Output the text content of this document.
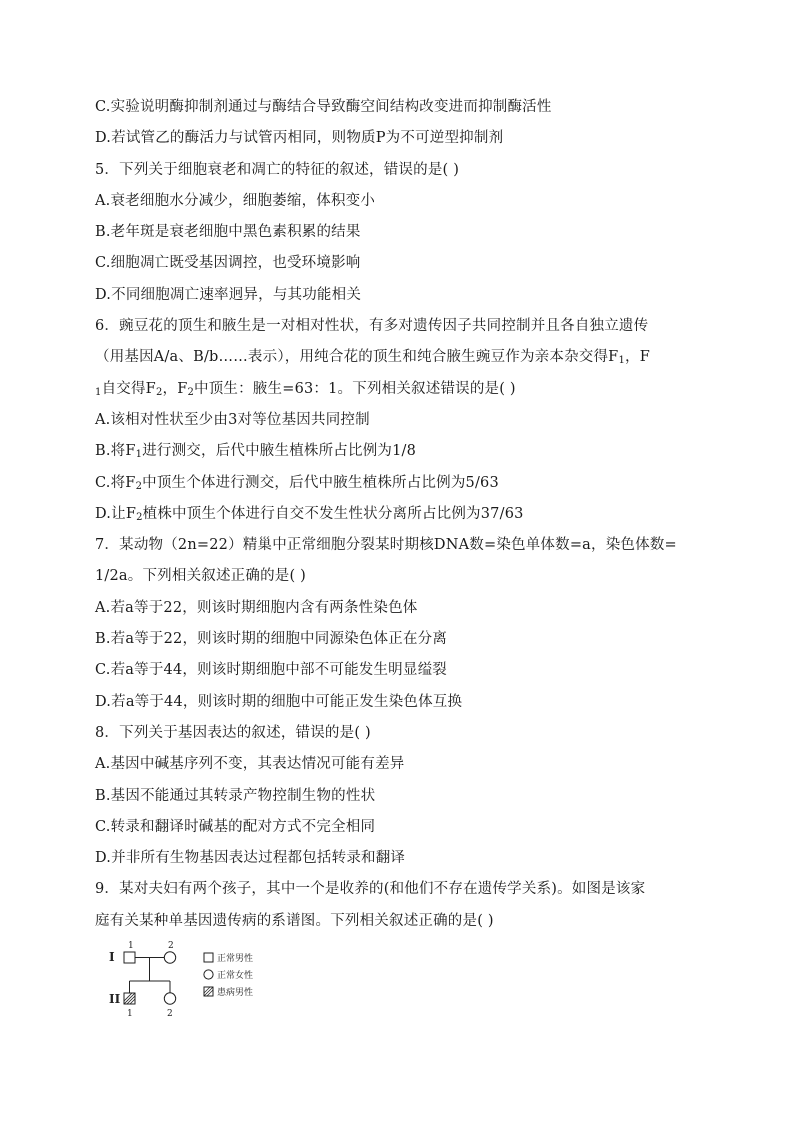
C.实验说明酶抑制剂通过与酶结合导致酶空间结构改变进而抑制酶活性
D.若试管乙的酶活力与试管丙相同，则物质P为不可逆型抑制剂
5．下列关于细胞衰老和凋亡的特征的叙述，错误的是( )
A.衰老细胞水分减少，细胞萎缩，体积变小
B.老年斑是衰老细胞中黑色素积累的结果
C.细胞凋亡既受基因调控，也受环境影响
D.不同细胞凋亡速率迥异，与其功能相关
6．豌豆花的顶生和腋生是一对相对性状，有多对遗传因子共同控制并且各自独立遗传
（用基因A/a、B/b……表示），用纯合花的顶生和纯合腋生豌豆作为亲本杂交得$F_1$，F
$_1$自交得$F_2$，$F_2$中顶生：腋生=63：1。下列相关叙述错误的是( )
A.该相对性状至少由3对等位基因共同控制
B.将$F_1$进行测交，后代中腋生植株所占比例为1/8
C.将$F_2$中顶生个体进行测交，后代中腋生植株所占比例为5/63
D.让$F_2$植株中顶生个体进行自交不发生性状分离所占比例为37/63
7．某动物（2n=22）精巢中正常细胞分裂某时期核DNA数=染色单体数=a，染色体数=
1/2a。下列相关叙述正确的是( )
A.若a等于22，则该时期细胞内含有两条性染色体
B.若a等于22，则该时期的细胞中同源染色体正在分离
C.若a等于44，则该时期细胞中部不可能发生明显缢裂
D.若a等于44，则该时期的细胞中可能正发生染色体互换
8．下列关于基因表达的叙述，错误的是( )
A.基因中碱基序列不变，其表达情况可能有差异
B.基因不能通过其转录产物控制生物的性状
C.转录和翻译时碱基的配对方式不完全相同
D.并非所有生物基因表达过程都包括转录和翻译
9．某对夫妇有两个孩子，其中一个是收养的(和他们不存在遗传学关系)。如图是该家
庭有关某种单基因遗传病的系谱图。下列相关叙述正确的是( )
I
1	2
II
1	2
正常男性
正常女性
患病男性
